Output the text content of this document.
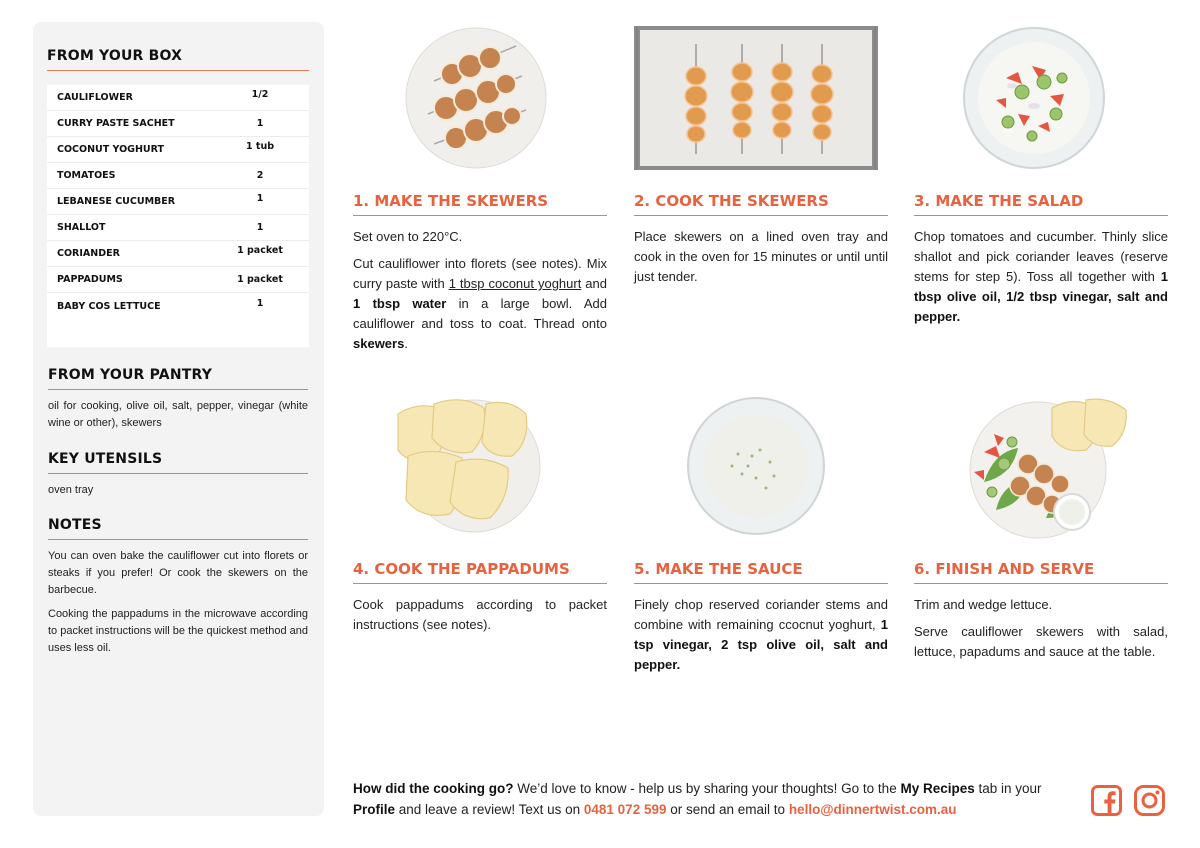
FROM YOUR BOX
CAULIFLOWER	1/2
CURRY PASTE SACHET	1
COCONUT YOGHURT	1 tub
TOMATOES	2
LEBANESE CUCUMBER	1
SHALLOT	1
CORIANDER	1 packet
PAPPADUMS	1 packet
BABY COS LETTUCE	1
FROM YOUR PANTRY
oil for cooking, olive oil, salt, pepper, vinegar (white wine or other), skewers
KEY UTENSILS
oven tray
NOTES

You can oven bake the cauliflower cut into florets or steaks if you prefer! Or cook the skewers on the barbecue.

Cooking the pappadums in the microwave according to packet instructions will be the quickest method and uses less oil.

1. MAKE THE SKEWERS

Set oven to 220°C.

Cut cauliflower into florets (see notes). Mix curry paste with 1 tbsp coconut yoghurt and 1 tbsp water in a large bowl. Add cauliflower and toss to coat. Thread onto skewers.

2. COOK THE SKEWERS

Place skewers on a lined oven tray and cook in the oven for 15 minutes or until until just tender.

3. MAKE THE SALAD

Chop tomatoes and cucumber. Thinly slice shallot and pick coriander leaves (reserve stems for step 5). Toss all together with 1 tbsp olive oil, 1/2 tbsp vinegar, salt and pepper.

4. COOK THE PAPPADUMS

Cook pappadums according to packet instructions (see notes).

5. MAKE THE SAUCE

Finely chop reserved coriander stems and combine with remaining ccocnut yoghurt, 1 tsp vinegar, 2 tsp olive oil, salt and pepper.

6. FINISH AND SERVE

Trim and wedge lettuce.

Serve cauliflower skewers with salad, lettuce, papadums and sauce at the table.

How did the cooking go? We’d love to know - help us by sharing your thoughts! Go to the My Recipes tab in your Profile and leave a review! Text us on 0481 072 599 or send an email to hello@dinnertwist.com.au
